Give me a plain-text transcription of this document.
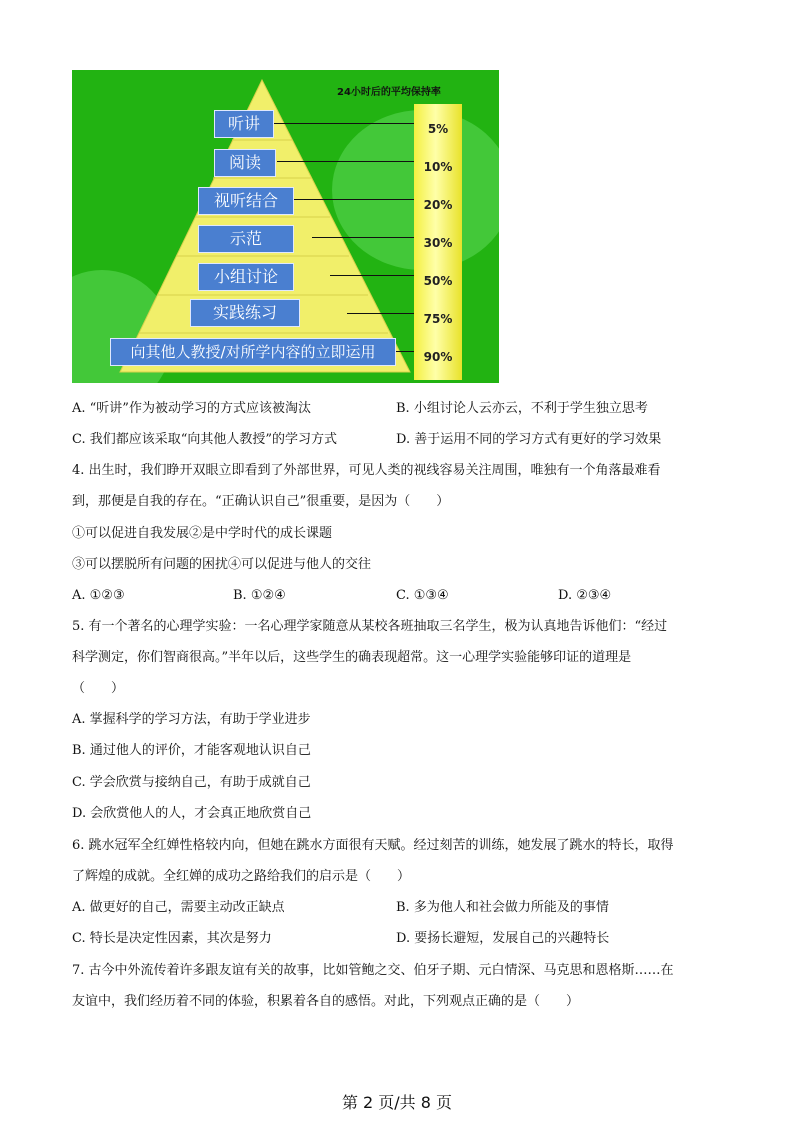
24小时后的平均保持率
听讲
阅读
视听结合
示范
小组讨论
实践练习
向其他人教授/对所学内容的立即运用
5%
10%
20%
30%
50%
75%
90%
A. “听讲”作为被动学习的方式应该被淘汰	B. 小组讨论人云亦云，不利于学生独立思考
C. 我们都应该采取“向其他人教授”的学习方式	D. 善于运用不同的学习方式有更好的学习效果
4. 出生时，我们睁开双眼立即看到了外部世界，可见人类的视线容易关注周围，唯独有一个角落最难看
到，那便是自我的存在。“正确认识自己”很重要，是因为（　　）
①可以促进自我发展②是中学时代的成长课题
③可以摆脱所有问题的困扰④可以促进与他人的交往
A. ①②③	B. ①②④	C. ①③④	D. ②③④
5. 有一个著名的心理学实验：一名心理学家随意从某校各班抽取三名学生，极为认真地告诉他们：“经过
科学测定，你们智商很高。”半年以后，这些学生的确表现超常。这一心理学实验能够印证的道理是
（　　）
A. 掌握科学的学习方法，有助于学业进步
B. 通过他人的评价，才能客观地认识自己
C. 学会欣赏与接纳自己，有助于成就自己
D. 会欣赏他人的人，才会真正地欣赏自己
6. 跳水冠军全红婵性格较内向，但她在跳水方面很有天赋。经过刻苦的训练，她发展了跳水的特长，取得
了辉煌的成就。全红婵的成功之路给我们的启示是（　　）
A. 做更好的自己，需要主动改正缺点	B. 多为他人和社会做力所能及的事情
C. 特长是决定性因素，其次是努力	D. 要扬长避短，发展自己的兴趣特长
7. 古今中外流传着许多跟友谊有关的故事，比如管鲍之交、伯牙子期、元白情深、马克思和恩格斯……在
友谊中，我们经历着不同的体验，积累着各自的感悟。对此，下列观点正确的是（　　）
第 2 页/共 8 页
